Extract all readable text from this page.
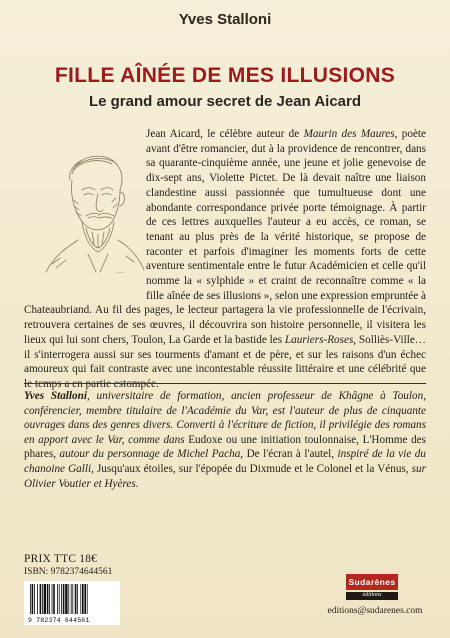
Yves Stalloni
FILLE AÎNÉE DE MES ILLUSIONS
Le grand amour secret de Jean Aicard
~~~

Jean Aicard, le célèbre auteur de Maurin des Maures, poète avant d'être romancier, dut à la providence de rencontrer, dans sa quarante-cinquième année, une jeune et jolie genevoise de dix-sept ans, Violette Pictet. De là devait naître une liaison clandestine aussi passionnée que tumultueuse dont une abondante correspondance privée porte témoignage. À partir de ces lettres auxquelles l'auteur a eu accès, ce roman, se tenant au plus près de la vérité historique, se propose de raconter et parfois d'imaginer les moments forts de cette aventure sentimentale entre le futur Académicien et celle qu'il nomme la « sylphide » et craint de reconnaître comme « la fille aînée de ses illusions », selon une expression empruntée à Chateaubriand. Au fil des pages, le lecteur partagera la vie professionnelle de l'écrivain, retrouvera certaines de ses œuvres, il découvrira son histoire personnelle, il visitera les lieux qui lui sont chers, Toulon, La Garde et la bastide les Lauriers-Roses, Solliès-Ville… il s'interrogera aussi sur ses tourments d'amant et de père, et sur les raisons d'un échec amoureux qui fait contraste avec une incontestable réussite littéraire et une célébrité que le temps a en partie estompée.

Yves Stalloni, universitaire de formation, ancien professeur de Khâgne à Toulon, conférencier, membre titulaire de l'Académie du Var, est l'auteur de plus de cinquante ouvrages dans des genres divers. Converti à l'écriture de fiction, il privilégie des romans en apport avec le Var, comme dans Eudoxe ou une initiation toulonnaise, L'Homme des phares, autour du personnage de Michel Pacha, De l'écran à l'autel, inspiré de la vie du chanoine Galli, Jusqu'aux étoiles, sur l'épopée du Dixmude et le Colonel et la Vénus, sur Olivier Voutier et Hyères.

PRIX TTC 18€
ISBN: 9782374644561
9 782374 644561
Sudarènes
éditions
editions@sudarenes.com
